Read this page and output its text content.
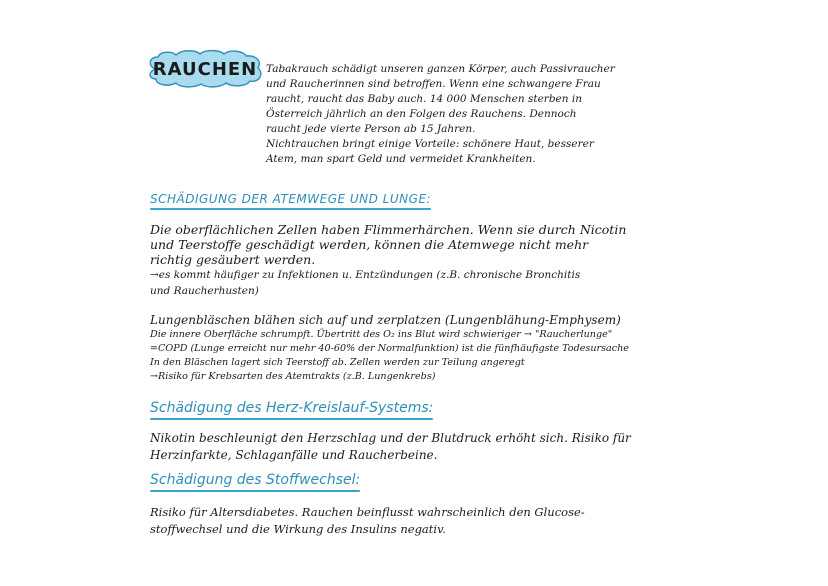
RAUCHEN Tabakrauch schädigt unseren ganzen Körper, auch Passivraucher

und Raucherinnen sind betroffen. Wenn eine schwangere Frau

raucht, raucht das Baby auch. 14 000 Menschen sterben in

Österreich jährlich an den Folgen des Rauchens. Dennoch

raucht jede vierte Person ab 15 Jahren.

Nichtrauchen bringt einige Vorteile: schönere Haut, besserer

Atem, man spart Geld und vermeidet Krankheiten.

SCHÄDIGUNG DER ATEMWEGE UND LUNGE:

Die oberflächlichen Zellen haben Flimmerhärchen. Wenn sie durch Nicotin

und Teerstoffe geschädigt werden, können die Atemwege nicht mehr

richtig gesäubert werden.

→es kommt häufiger zu Infektionen u. Entzündungen (z.B. chronische Bronchitis

und Raucherhusten)

Lungenbläschen blähen sich auf und zerplatzen (Lungenblähung-Emphysem)

Die innere Oberfläche schrumpft. Übertritt des O₂ ins Blut wird schwieriger → "Raucherlunge"

=COPD (Lunge erreicht nur mehr 40-60% der Normalfunktion) ist die fünfhäufigste Todesursache

In den Bläschen lagert sich Teerstoff ab. Zellen werden zur Teilung angeregt

→Risiko für Krebsarten des Atemtrakts (z.B. Lungenkrebs)

Schädigung des Herz-Kreislauf-Systems:

Nikotin beschleunigt den Herzschlag und der Blutdruck erhöht sich. Risiko für

Herzinfarkte, Schlaganfälle und Raucherbeine.

Schädigung des Stoffwechsel:

Risiko für Altersdiabetes. Rauchen beinflusst wahrscheinlich den Glucose-

stoffwechsel und die Wirkung des Insulins negativ.
